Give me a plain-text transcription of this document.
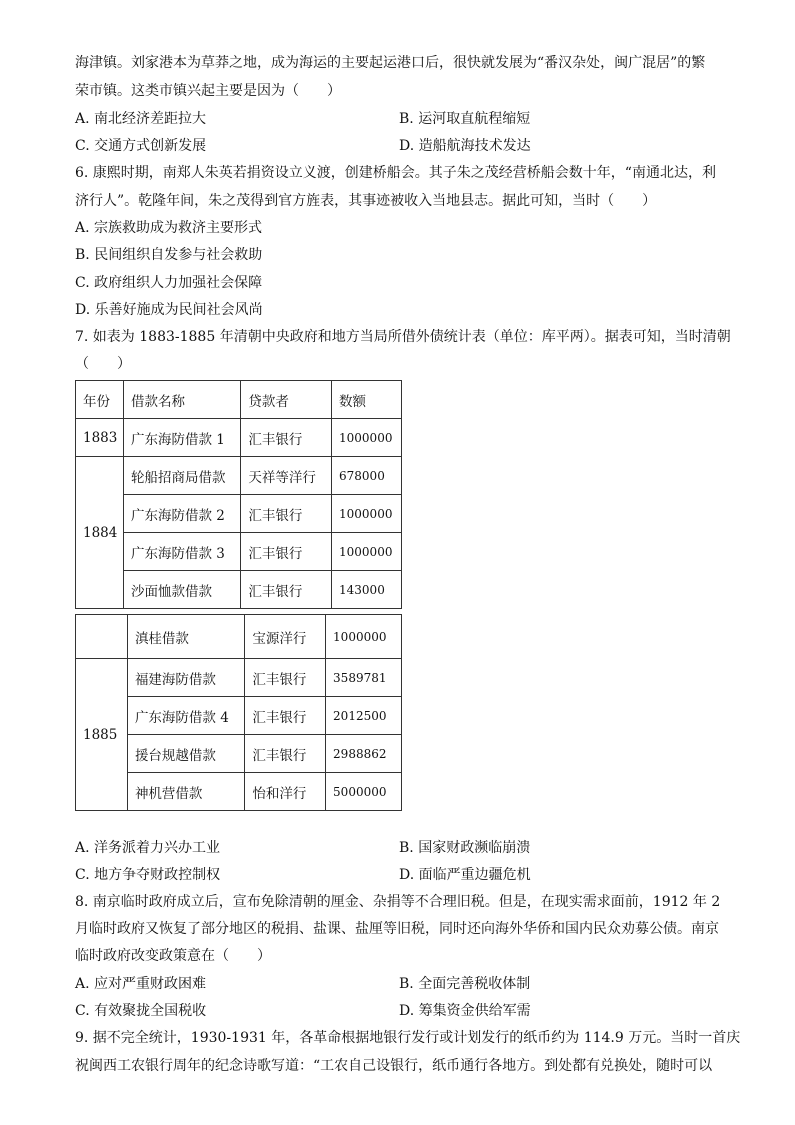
海津镇。刘家港本为草莽之地，成为海运的主要起运港口后，很快就发展为“番汉杂处，闽广混居”的繁
荣市镇。这类市镇兴起主要是因为（　　）
A. 南北经济差距拉大	B. 运河取直航程缩短
C. 交通方式创新发展	D. 造船航海技术发达
6. 康熙时期，南郑人朱英若捐资设立义渡，创建桥船会。其子朱之茂经营桥船会数十年，“南通北达，利
济行人”。乾隆年间，朱之茂得到官方旌表，其事迹被收入当地县志。据此可知，当时（　　）
A. 宗族救助成为救济主要形式
B. 民间组织自发参与社会救助
C. 政府组织人力加强社会保障
D. 乐善好施成为民间社会风尚
7. 如表为 1883-1885 年清朝中央政府和地方当局所借外债统计表（单位：库平两）。据表可知，当时清朝
（　　）
年份	借款名称	贷款者	数额
1883	广东海防借款 1	汇丰银行	1000000
1884	轮船招商局借款	天祥等洋行	678000
	广东海防借款 2	汇丰银行	1000000
	广东海防借款 3	汇丰银行	1000000
	沙面恤款借款	汇丰银行	143000
	滇桂借款	宝源洋行	1000000
1885	福建海防借款	汇丰银行	3589781
	广东海防借款 4	汇丰银行	2012500
	援台规越借款	汇丰银行	2988862
	神机营借款	怡和洋行	5000000
A. 洋务派着力兴办工业	B. 国家财政濒临崩溃
C. 地方争夺财政控制权	D. 面临严重边疆危机
8. 南京临时政府成立后，宣布免除清朝的厘金、杂捐等不合理旧税。但是，在现实需求面前，1912 年 2
月临时政府又恢复了部分地区的税捐、盐课、盐厘等旧税，同时还向海外华侨和国内民众劝募公债。南京
临时政府改变政策意在（　　）
A. 应对严重财政困难	B. 全面完善税收体制
C. 有效聚拢全国税收	D. 筹集资金供给军需
9. 据不完全统计，1930-1931 年，各革命根据地银行发行或计划发行的纸币约为 114.9 万元。当时一首庆
祝闽西工农银行周年的纪念诗歌写道：“工农自己设银行，纸币通行各地方。到处都有兑换处，随时可以
